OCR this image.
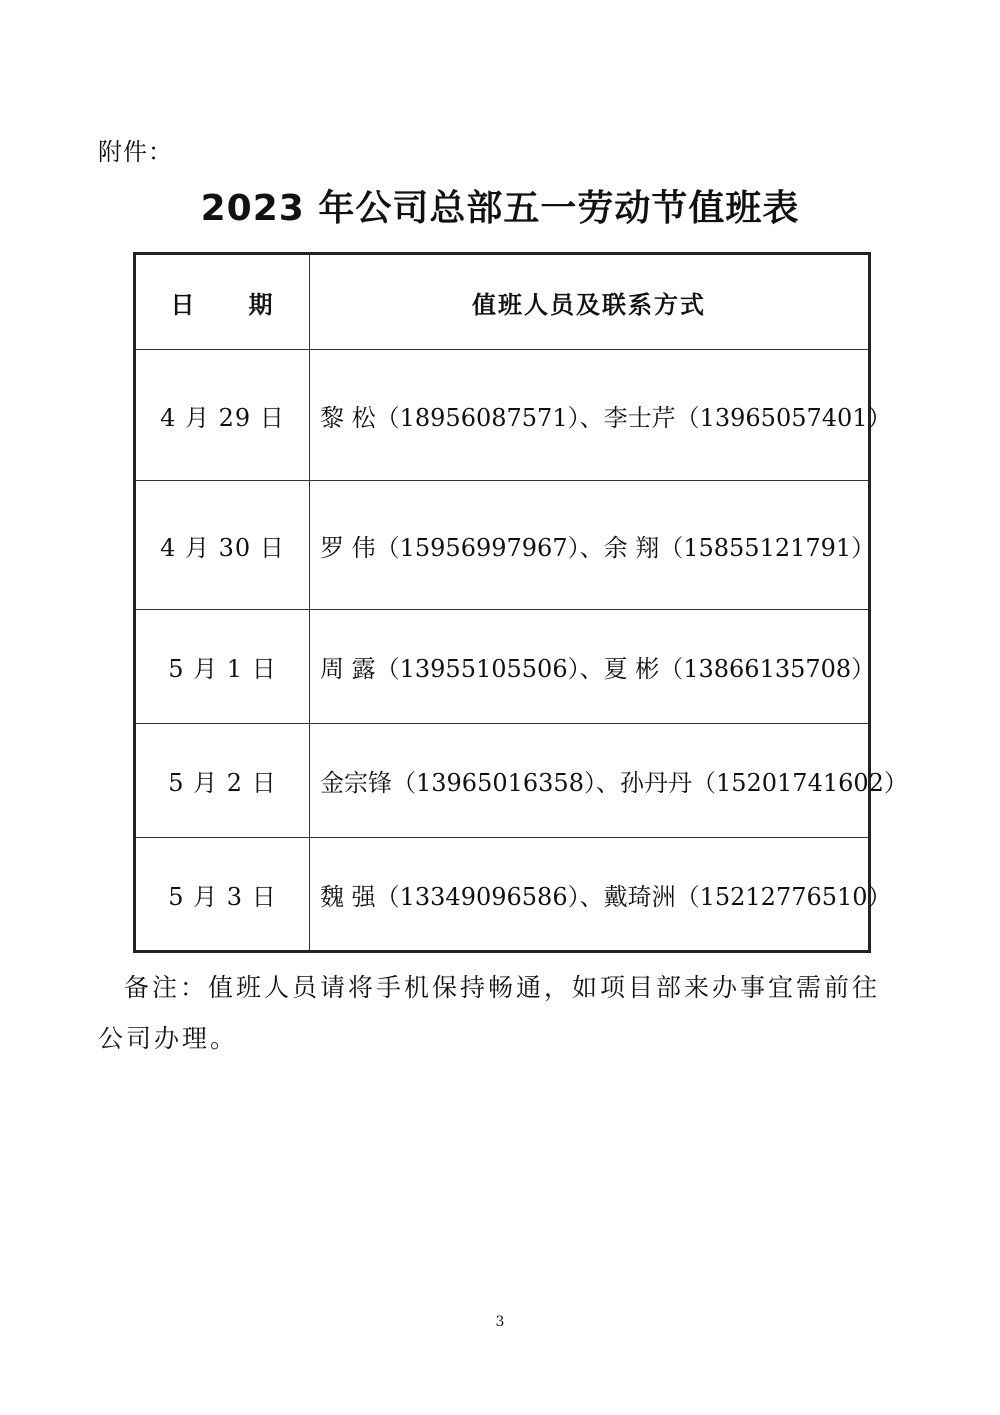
附件：
2023 年公司总部五一劳动节值班表
日　　期	值班人员及联系方式
4 月 29 日	黎 松（18956087571）、李士芹（13965057401）
4 月 30 日	罗 伟（15956997967）、余 翔（15855121791）
5 月 1 日	周 露（13955105506）、夏 彬（13866135708）
5 月 2 日	金宗锋（13965016358）、孙丹丹（15201741602）
5 月 3 日	魏 强（13349096586）、戴琦洲（15212776510）
备注：值班人员请将手机保持畅通，如项目部来办事宜需前往公司办理。
3
